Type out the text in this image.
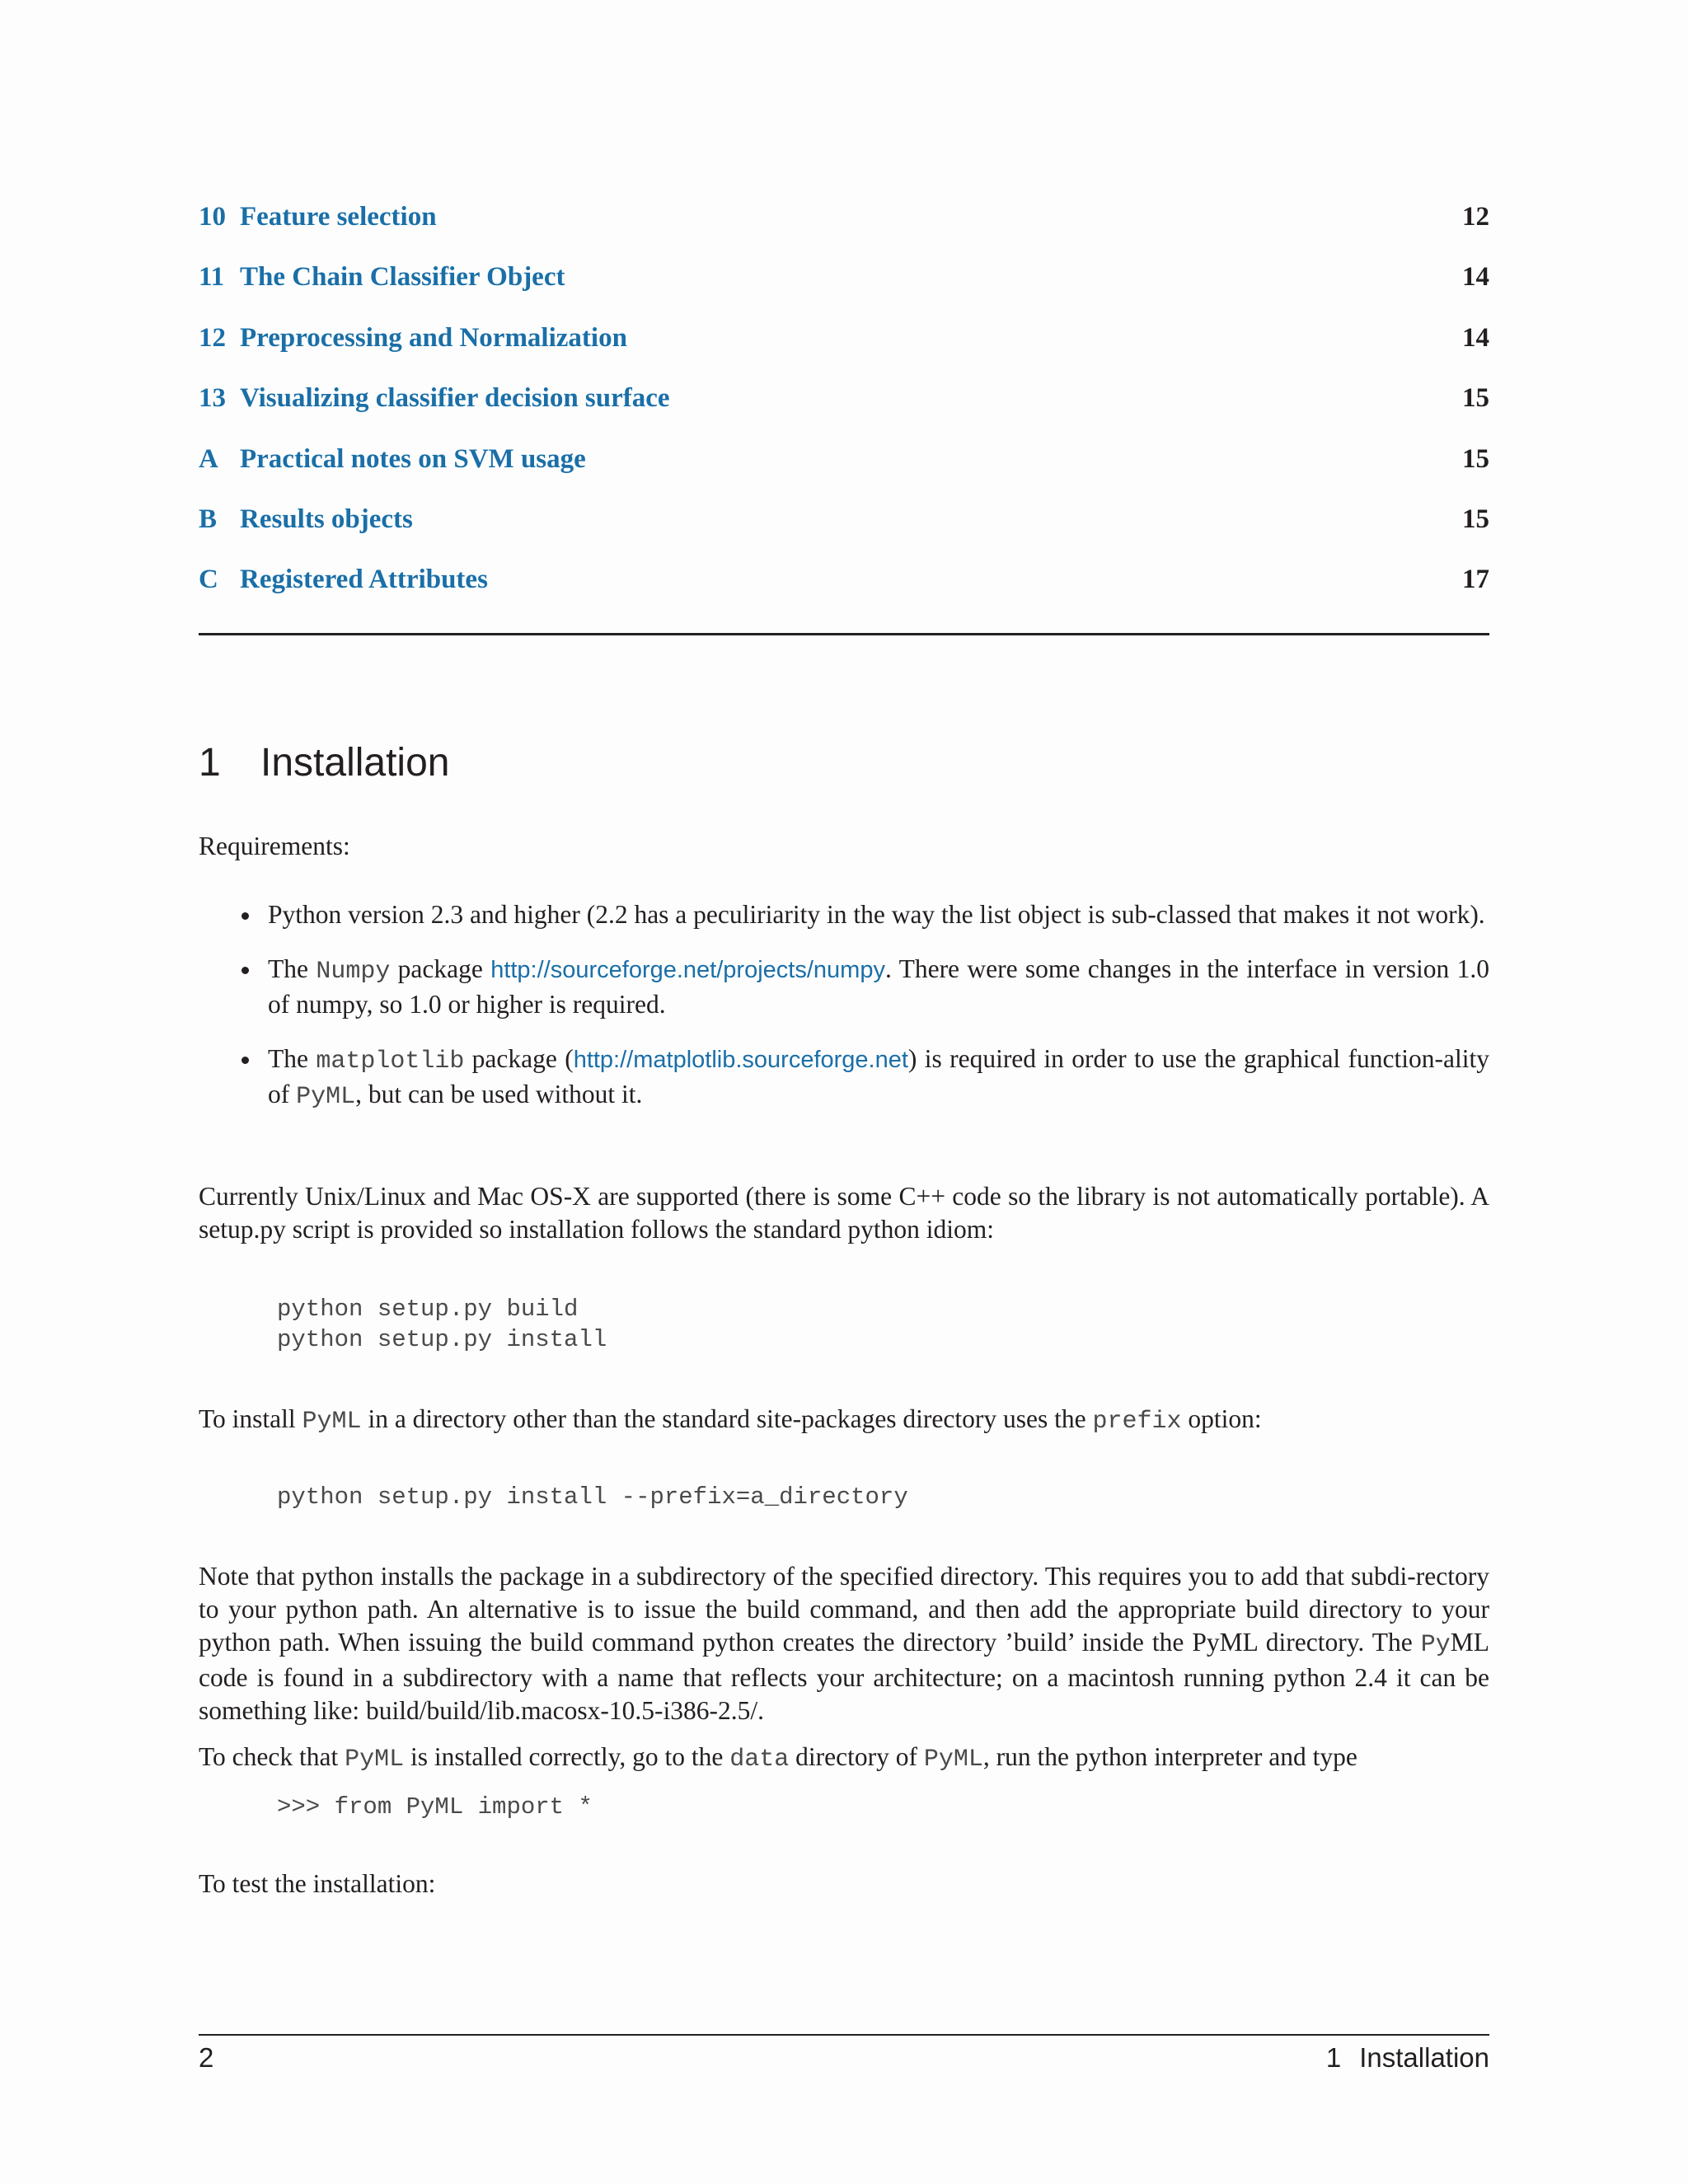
10 Feature selection	12
11 The Chain Classifier Object	14
12 Preprocessing and Normalization	14
13 Visualizing classifier decision surface	15
A Practical notes on SVM usage	15
B Results objects	15
C Registered Attributes	17
1 Installation

Requirements:

Python version 2.3 and higher (2.2 has a peculiriarity in the way the list object is sub-classed that makes it not work).
The Numpy package http://sourceforge.net/projects/numpy. There were some changes in the interface in version 1.0 of numpy, so 1.0 or higher is required.
The matplotlib package (http://matplotlib.sourceforge.net) is required in order to use the graphical function-ality of PyML, but can be used without it.

Currently Unix/Linux and Mac OS-X are supported (there is some C++ code so the library is not automatically portable). A setup.py script is provided so installation follows the standard python idiom:

python setup.py build
python setup.py install

To install PyML in a directory other than the standard site-packages directory uses the prefix option:

python setup.py install --prefix=a_directory

Note that python installs the package in a subdirectory of the specified directory. This requires you to add that subdi-rectory to your python path. An alternative is to issue the build command, and then add the appropriate build directory to your python path. When issuing the build command python creates the directory ’build’ inside the PyML directory. The PyML code is found in a subdirectory with a name that reflects your architecture; on a macintosh running python 2.4 it can be something like: build/build/lib.macosx-10.5-i386-2.5/.

To check that PyML is installed correctly, go to the data directory of PyML, run the python interpreter and type

>>> from PyML import *

To test the installation:

2	1 Installation
